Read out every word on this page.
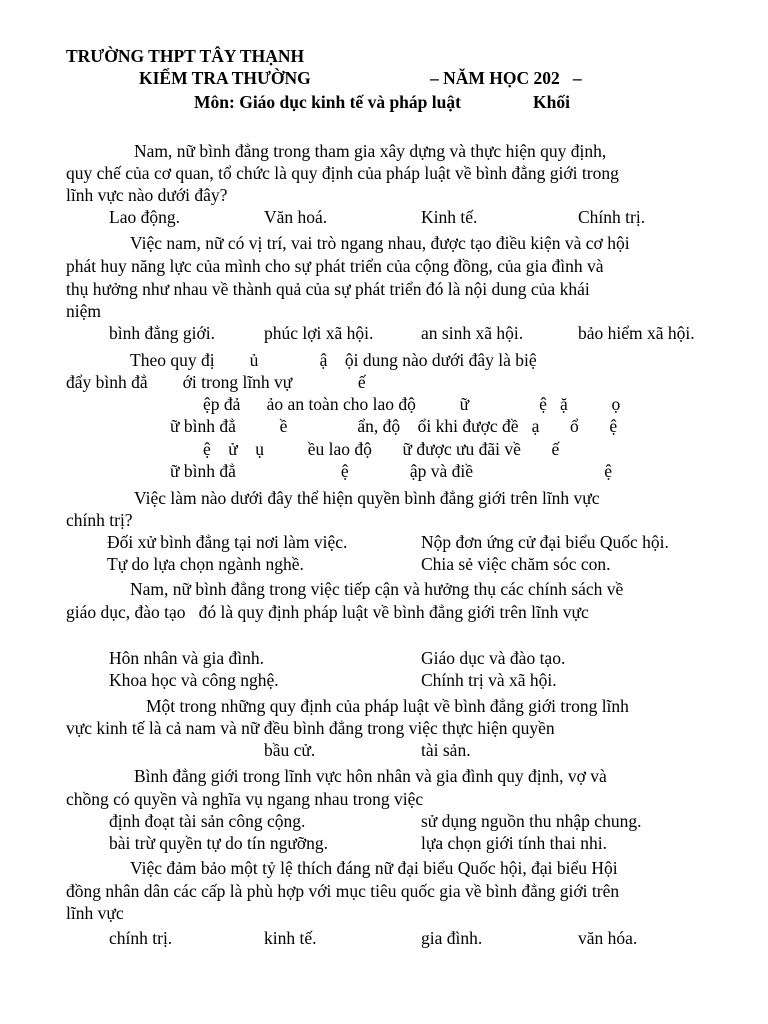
TRƯỜNG THPT TÂY THẠNH
KIỂM TRA THƯỜNG	– NĂM HỌC 202   –
Môn: Giáo dục kinh tế và pháp luật	Khối
Nam, nữ bình đẳng trong tham gia xây dựng và thực hiện quy định,
quy chế của cơ quan, tổ chức là quy định của pháp luật về bình đẳng giới trong
lĩnh vực nào dưới đây?
Lao động.	Văn hoá.	Kinh tế.	Chính trị.
Việc nam, nữ có vị trí, vai trò ngang nhau, được tạo điều kiện và cơ hội
phát huy năng lực của mình cho sự phát triển của cộng đồng, của gia đình và
thụ hưởng như nhau về thành quả của sự phát triển đó là nội dung của khái
niệm
bình đẳng giới.	phúc lợi xã hội.	an sinh xã hội.	bảo hiểm xã hội.
Theo quy đị        ủ              ậ    ội dung nào dưới đây là biệ
đẩy bình đẳ        ới trong lĩnh vự               ế
ệp đả      ảo an toàn cho lao độ          ữ                ệ   ặ          ọ
ữ bình đẳ          ề                ẩn, độ    ổi khi được đề   ạ       ổ       ệ
ệ    ử    ụ          ều lao độ       ữ được ưu đãi về       ế
ữ bình đẳ                        ệ              ập và điề                              ệ
Việc làm nào dưới đây thể hiện quyền bình đẳng giới trên lĩnh vực
chính trị?
Đối xử bình đẳng tại nơi làm việc.	Nộp đơn ứng cử đại biểu Quốc hội.
Tự do lựa chọn ngành nghề.	Chia sẻ việc chăm sóc con.
Nam, nữ bình đẳng trong việc tiếp cận và hưởng thụ các chính sách về
giáo dục, đào tạo   đó là quy định pháp luật về bình đẳng giới trên lĩnh vực
Hôn nhân và gia đình.	Giáo dục và đào tạo.
Khoa học và công nghệ.	Chính trị và xã hội.
Một trong những quy định của pháp luật về bình đẳng giới trong lĩnh
vực kinh tế là cả nam và nữ đều bình đẳng trong việc thực hiện quyền
bầu cử.	tài sản.
Bình đẳng giới trong lĩnh vực hôn nhân và gia đình quy định, vợ và
chồng có quyền và nghĩa vụ ngang nhau trong việc
định đoạt tài sản công cộng.	sử dụng nguồn thu nhập chung.
bài trừ quyền tự do tín ngưỡng.	lựa chọn giới tính thai nhi.
Việc đảm bảo một tỷ lệ thích đáng nữ đại biểu Quốc hội, đại biểu Hội
đồng nhân dân các cấp là phù hợp với mục tiêu quốc gia về bình đẳng giới trên
lĩnh vực
chính trị.	kinh tế.	gia đình.	văn hóa.
